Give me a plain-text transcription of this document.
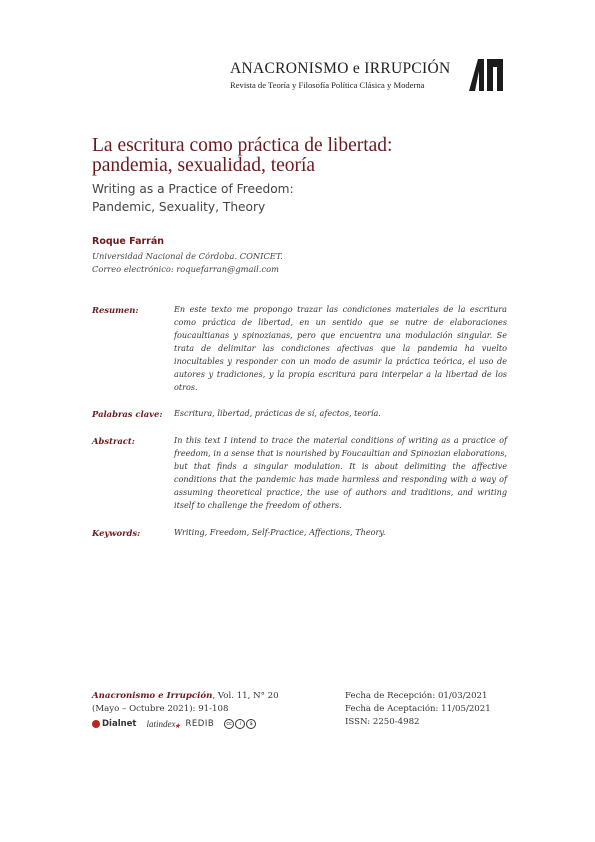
ANACRONISMO e IRRUPCIÓN
Revista de Teoría y Filosofía Política Clásica y Moderna
La escritura como práctica de libertad:
pandemia, sexualidad, teoría
Writing as a Practice of Freedom:
Pandemic, Sexuality, Theory
Roque Farrán
Universidad Nacional de Córdoba. CONICET.
Correo electrónico: roquefarran@gmail.com
Resumen:	En este texto me propongo trazar las condiciones materiales de la escritura como práctica de libertad, en un sentido que se nutre de elaboraciones foucaultianas y spinozianas, pero que encuentra una modulación singular. Se trata de delimitar las condiciones afectivas que la pandemia ha vuelto inocultables y responder con un modo de asumir la práctica teórica, el uso de autores y tradiciones, y la propia escritura para interpelar a la libertad de los otros.
Palabras clave: Escritura, libertad, prácticas de sí, afectos, teoría.
Abstract:	In this text I intend to trace the material conditions of writing as a practice of freedom, in a sense that is nourished by Foucaultian and Spinozian elaborations, but that finds a singular modulation. It is about delimiting the affective conditions that the pandemic has made harmless and responding with a way of assuming theoretical practice, the use of authors and traditions, and writing itself to challenge the freedom of others.
Keywords:	Writing, Freedom, Self-Practice, Affections, Theory.
Anacronismo e Irrupción, Vol. 11, N° 20
(Mayo – Octubre 2021): 91-108
Fecha de Recepción: 01/03/2021
Fecha de Aceptación: 11/05/2021
ISSN: 2250-4982
Dialnet latindex
★ REDIB	cc	i	$
